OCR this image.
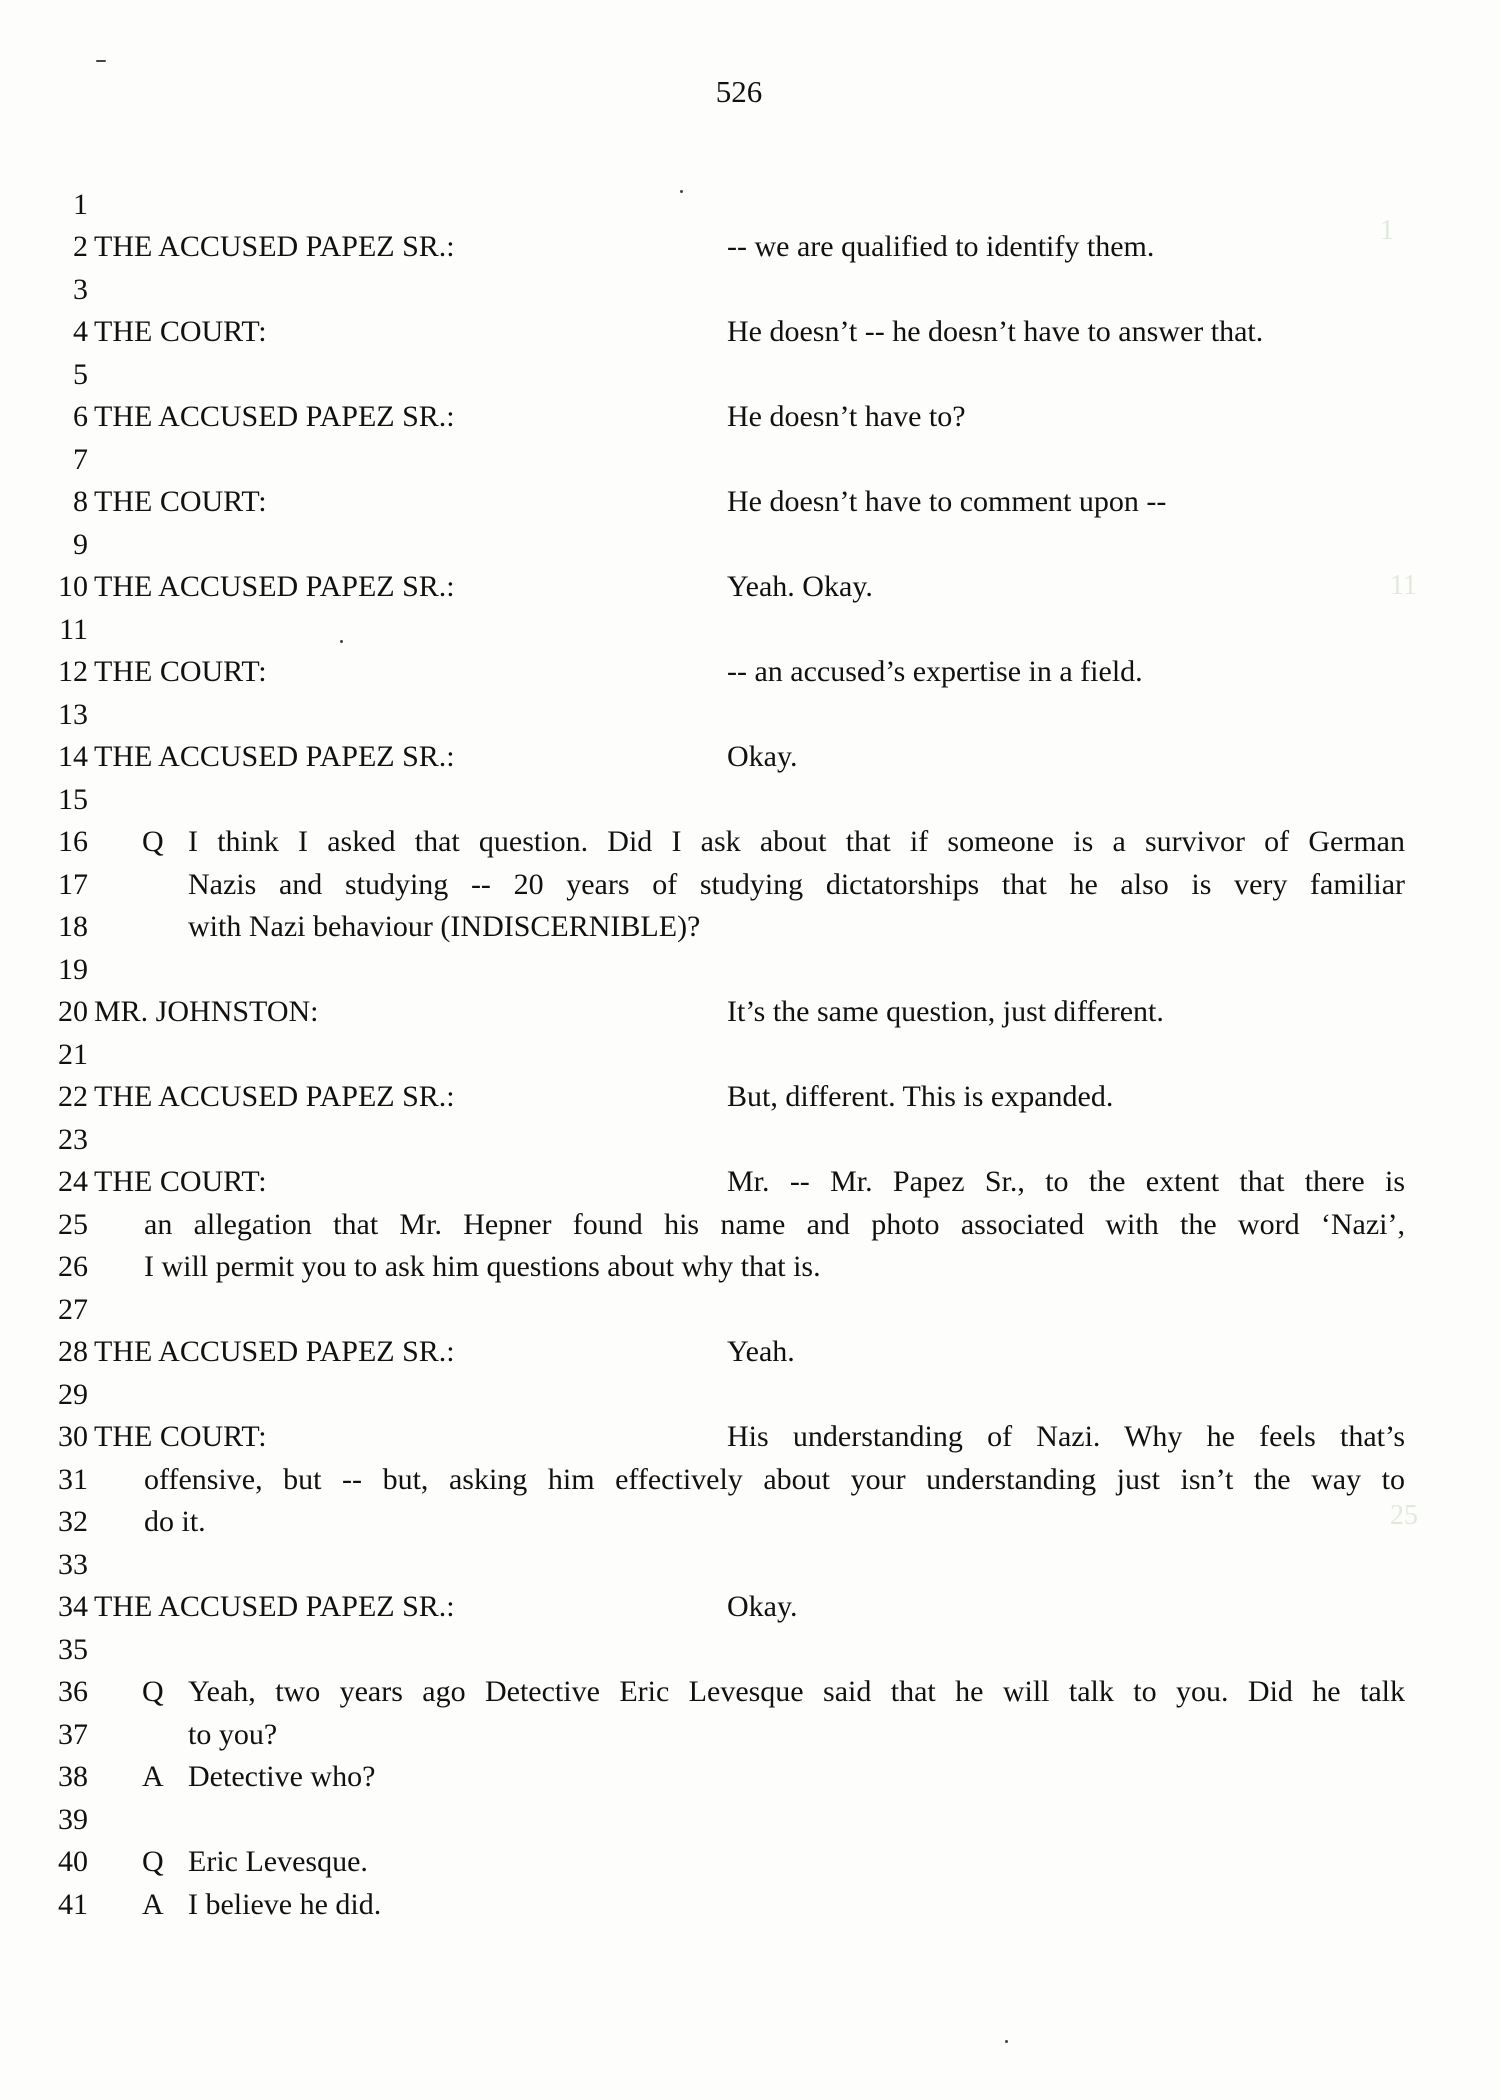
1
11
25
526
1
2 THE ACCUSED PAPEZ SR.:	-- we are qualified to identify them.
3
4 THE COURT:	He doesn’t -- he doesn’t have to answer that.
5
6 THE ACCUSED PAPEZ SR.:	He doesn’t have to?
7
8 THE COURT:	He doesn’t have to comment upon --
9
10 THE ACCUSED PAPEZ SR.:	Yeah. Okay.
11
12 THE COURT:	-- an accused’s expertise in a field.
13
14 THE ACCUSED PAPEZ SR.:	Okay.
15
16 Q I think I asked that question. Did I ask about that if someone is a survivor of German
17	Nazis and studying -- 20 years of studying dictatorships that he also is very familiar
18	with Nazi behaviour (INDISCERNIBLE)?
19
20 MR. JOHNSTON:	It’s the same question, just different.
21
22 THE ACCUSED PAPEZ SR.:	But, different. This is expanded.
23
24 THE COURT:	Mr. -- Mr. Papez Sr., to the extent that there is
25 an allegation that Mr. Hepner found his name and photo associated with the word ‘Nazi’,
26 I will permit you to ask him questions about why that is.
27
28 THE ACCUSED PAPEZ SR.:	Yeah.
29
30 THE COURT:	His understanding of Nazi. Why he feels that’s
31 offensive, but -- but, asking him effectively about your understanding just isn’t the way to
32 do it.
33
34 THE ACCUSED PAPEZ SR.:	Okay.
35
36 Q Yeah, two years ago Detective Eric Levesque said that he will talk to you. Did he talk
37	to you?
38 A Detective who?
39
40 Q Eric Levesque.
41 A I believe he did.
